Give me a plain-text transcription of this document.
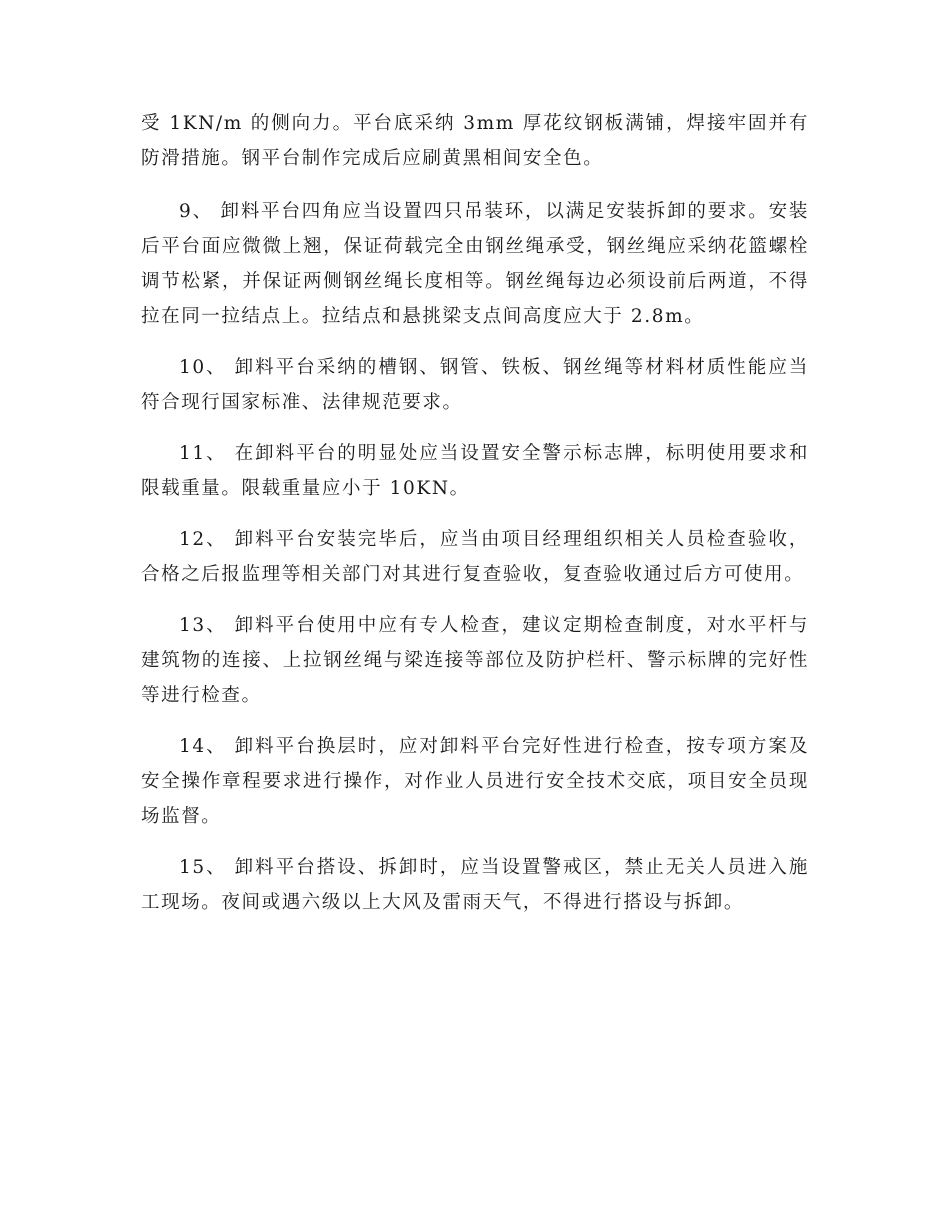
受 1KN/m 的侧向力。平台底采纳 3mm 厚花纹钢板满铺，焊接牢固并有防滑措施。钢平台制作完成后应刷黄黑相间安全色。

9、 卸料平台四角应当设置四只吊装环，以满足安装拆卸的要求。安装后平台面应微微上翘，保证荷载完全由钢丝绳承受，钢丝绳应采纳花篮螺栓调节松紧，并保证两侧钢丝绳长度相等。钢丝绳每边必须设前后两道，不得拉在同一拉结点上。拉结点和悬挑梁支点间高度应大于 2.8m。

10、 卸料平台采纳的槽钢、钢管、铁板、钢丝绳等材料材质性能应当符合现行国家标准、法律规范要求。

11、 在卸料平台的明显处应当设置安全警示标志牌，标明使用要求和限载重量。限载重量应小于 10KN。

12、 卸料平台安装完毕后，应当由项目经理组织相关人员检查验收，合格之后报监理等相关部门对其进行复查验收，复查验收通过后方可使用。

13、 卸料平台使用中应有专人检查，建议定期检查制度，对水平杆与建筑物的连接、上拉钢丝绳与梁连接等部位及防护栏杆、警示标牌的完好性等进行检查。

14、 卸料平台换层时，应对卸料平台完好性进行检查，按专项方案及安全操作章程要求进行操作，对作业人员进行安全技术交底，项目安全员现场监督。

15、 卸料平台搭设、拆卸时，应当设置警戒区，禁止无关人员进入施工现场。夜间或遇六级以上大风及雷雨天气，不得进行搭设与拆卸。
